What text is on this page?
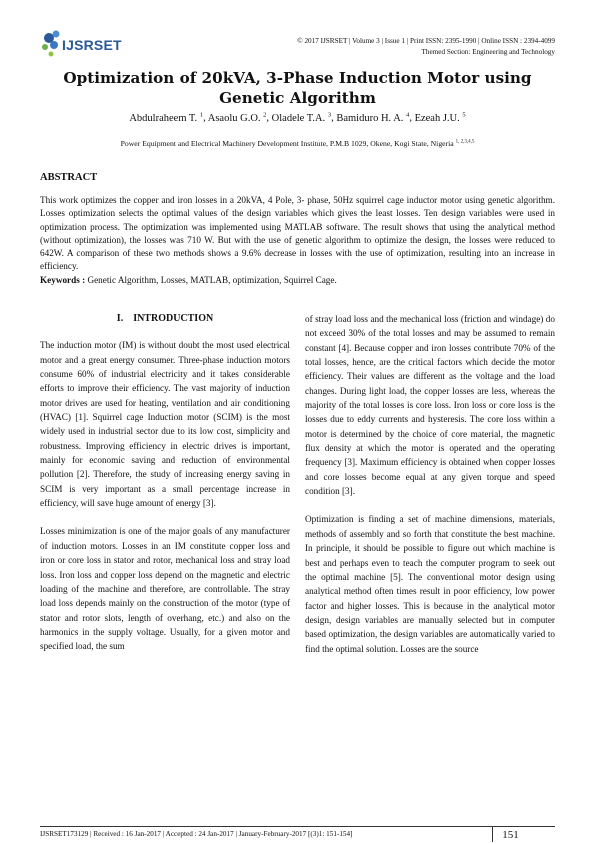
IJSRSET	© 2017 IJSRSET | Volume 3 | Issue 1 | Print ISSN: 2395-1990 | Online ISSN : 2394-4099
Themed Section: Engineering and Technology
Optimization of 20kVA, 3-Phase Induction Motor using
Genetic Algorithm
Abdulraheem T. $^1$, Asaolu G.O. $^2$, Oladele T.A. $^3$, Bamiduro H. A. $^4$, Ezeah J.U. $^5$
Power Equipment and Electrical Machinery Development Institute, P.M.B 1029, Okene, Kogi State, Nigeria $^{1, 2,3,4,5}$
ABSTRACT
This work optimizes the copper and iron losses in a 20kVA, 4 Pole, 3- phase, 50Hz squirrel cage inductor motor using genetic algorithm. Losses optimization selects the optimal values of the design variables which gives the least losses. Ten design variables were used in optimization process. The optimization was implemented using MATLAB software. The result shows that using the analytical method (without optimization), the losses was 710 W. But with the use of genetic algorithm to optimize the design, the losses were reduced to 642W. A comparison of these two methods shows a 9.6% decrease in losses with the use of optimization, resulting into an increase in efficiency.
Keywords : Genetic Algorithm, Losses, MATLAB, optimization, Squirrel Cage.
I.    INTRODUCTION

The induction motor (IM) is without doubt the most used electrical motor and a great energy consumer. Three-phase induction motors consume 60% of industrial electricity and it takes considerable efforts to improve their efficiency. The vast majority of induction motor drives are used for heating, ventilation and air conditioning (HVAC) [1]. Squirrel cage Induction motor (SCIM) is the most widely used in industrial sector due to its low cost, simplicity and robustness. Improving efficiency in electric drives is important, mainly for economic saving and reduction of environmental pollution [2]. Therefore, the study of increasing energy saving in SCIM is very important as a small percentage increase in efficiency, will save huge amount of energy [3].

Losses minimization is one of the major goals of any manufacturer of induction motors. Losses in an IM constitute copper loss and iron or core loss in stator and rotor, mechanical loss and stray load loss. Iron loss and copper loss depend on the magnetic and electric loading of the machine and therefore, are controllable. The stray load loss depends mainly on the construction of the motor (type of stator and rotor slots, length of overhang, etc.) and also on the harmonics in the supply voltage. Usually, for a given motor and specified load, the sum

of stray load loss and the mechanical loss (friction and windage) do not exceed 30% of the total losses and may be assumed to remain constant [4]. Because copper and iron losses contribute 70% of the total losses, hence, are the critical factors which decide the motor efficiency. Their values are different as the voltage and the load changes. During light load, the copper losses are less, whereas the majority of the total losses is core loss. Iron loss or core loss is the losses due to eddy currents and hysteresis. The core loss within a motor is determined by the choice of core material, the magnetic flux density at which the motor is operated and the operating frequency [3]. Maximum efficiency is obtained when copper losses and core losses become equal at any given torque and speed condition [3].

Optimization is finding a set of machine dimensions, materials, methods of assembly and so forth that constitute the best machine. In principle, it should be possible to figure out which machine is best and perhaps even to teach the computer program to seek out the optimal machine [5]. The conventional motor design using analytical method often times result in poor efficiency, low power factor and higher losses. This is because in the analytical motor design, design variables are manually selected but in computer based optimization, the design variables are automatically varied to find the optimal solution. Losses are the source

IJSRSET173129 | Received : 16 Jan-2017 | Accepted : 24 Jan-2017 | January-February-2017 [(3)1: 151-154]	151
